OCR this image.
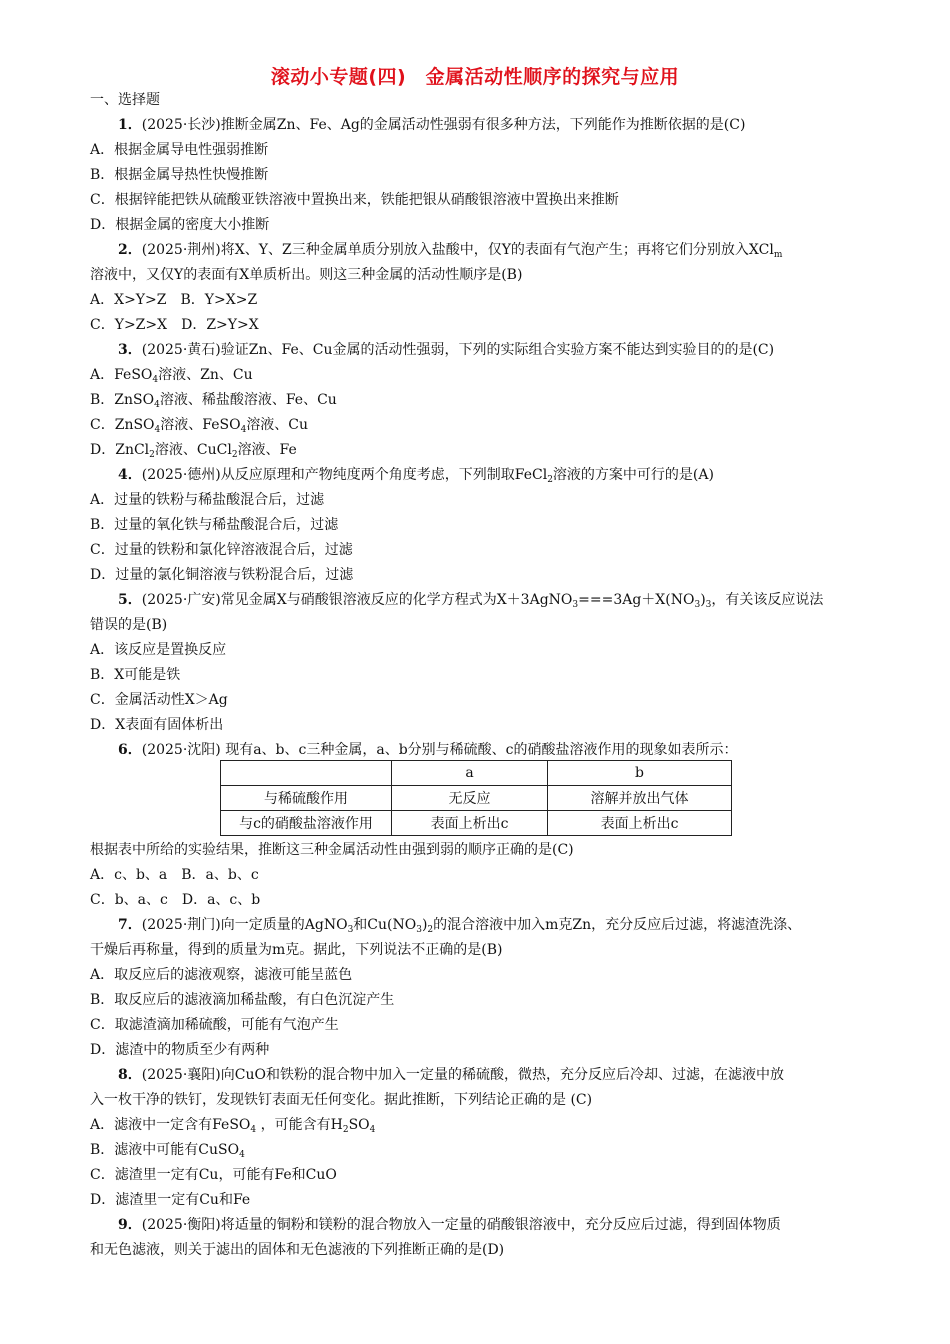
滚动小专题(四)　金属活动性顺序的探究与应用
一、选择题
1．(2025·长沙)推断金属Zn、Fe、Ag的金属活动性强弱有很多种方法，下列能作为推断依据的是(C)
A．根据金属导电性强弱推断
B．根据金属导热性快慢推断
C．根据锌能把铁从硫酸亚铁溶液中置换出来，铁能把银从硝酸银溶液中置换出来推断
D．根据金属的密度大小推断
2．(2025·荆州)将X、Y、Z三种金属单质分别放入盐酸中，仅Y的表面有气泡产生；再将它们分别放入XCl$_m$
溶液中，又仅Y的表面有X单质析出。则这三种金属的活动性顺序是(B)
A．X>Y>Z　B．Y>X>Z
C．Y>Z>X　D．Z>Y>X
3．(2025·黄石)验证Zn、Fe、Cu金属的活动性强弱，下列的实际组合实验方案不能达到实验目的的是(C)
A．FeSO$_4$溶液、Zn、Cu
B．ZnSO$_4$溶液、稀盐酸溶液、Fe、Cu
C．ZnSO$_4$溶液、FeSO$_4$溶液、Cu
D．ZnCl$_2$溶液、CuCl$_2$溶液、Fe
4．(2025·德州)从反应原理和产物纯度两个角度考虑，下列制取FeCl$_2$溶液的方案中可行的是(A)
A．过量的铁粉与稀盐酸混合后，过滤
B．过量的氧化铁与稀盐酸混合后，过滤
C．过量的铁粉和氯化锌溶液混合后，过滤
D．过量的氯化铜溶液与铁粉混合后，过滤
5．(2025·广安)常见金属X与硝酸银溶液反应的化学方程式为$X+3AgNO_3===3Ag+X(NO_3)_3$，有关该反应说法
错误的是(B)
A．该反应是置换反应
B．X可能是铁
C．金属活动性X＞Ag
D．X表面有固体析出
6．(2025·沈阳) 现有a、b、c三种金属，a、b分别与稀硫酸、c的硝酸盐溶液作用的现象如表所示：
	a	b
与稀硫酸作用	无反应	溶解并放出气体
与c的硝酸盐溶液作用	表面上析出c	表面上析出c
根据表中所给的实验结果，推断这三种金属活动性由强到弱的顺序正确的是(C)
A．c、b、a　B．a、b、c
C．b、a、c　D．a、c、b
7．(2025·荆门)向一定质量的AgNO$_3$和$Cu(NO_3)_2$的混合溶液中加入m克Zn，充分反应后过滤，将滤渣洗涤、
干燥后再称量，得到的质量为m克。据此，下列说法不正确的是(B)
A．取反应后的滤液观察，滤液可能呈蓝色
B．取反应后的滤液滴加稀盐酸，有白色沉淀产生
C．取滤渣滴加稀硫酸，可能有气泡产生
D．滤渣中的物质至少有两种
8．(2025·襄阳)向CuO和铁粉的混合物中加入一定量的稀硫酸，微热，充分反应后冷却、过滤，在滤液中放
入一枚干净的铁钉，发现铁钉表面无任何变化。据此推断，下列结论正确的是 (C)
A．滤液中一定含有FeSO$_4$ ，可能含有$H_2SO_4$
B．滤液中可能有CuSO$_4$
C．滤渣里一定有Cu，可能有Fe和CuO
D．滤渣里一定有Cu和Fe
9．(2025·衡阳)将适量的铜粉和镁粉的混合物放入一定量的硝酸银溶液中，充分反应后过滤，得到固体物质
和无色滤液，则关于滤出的固体和无色滤液的下列推断正确的是(D)
